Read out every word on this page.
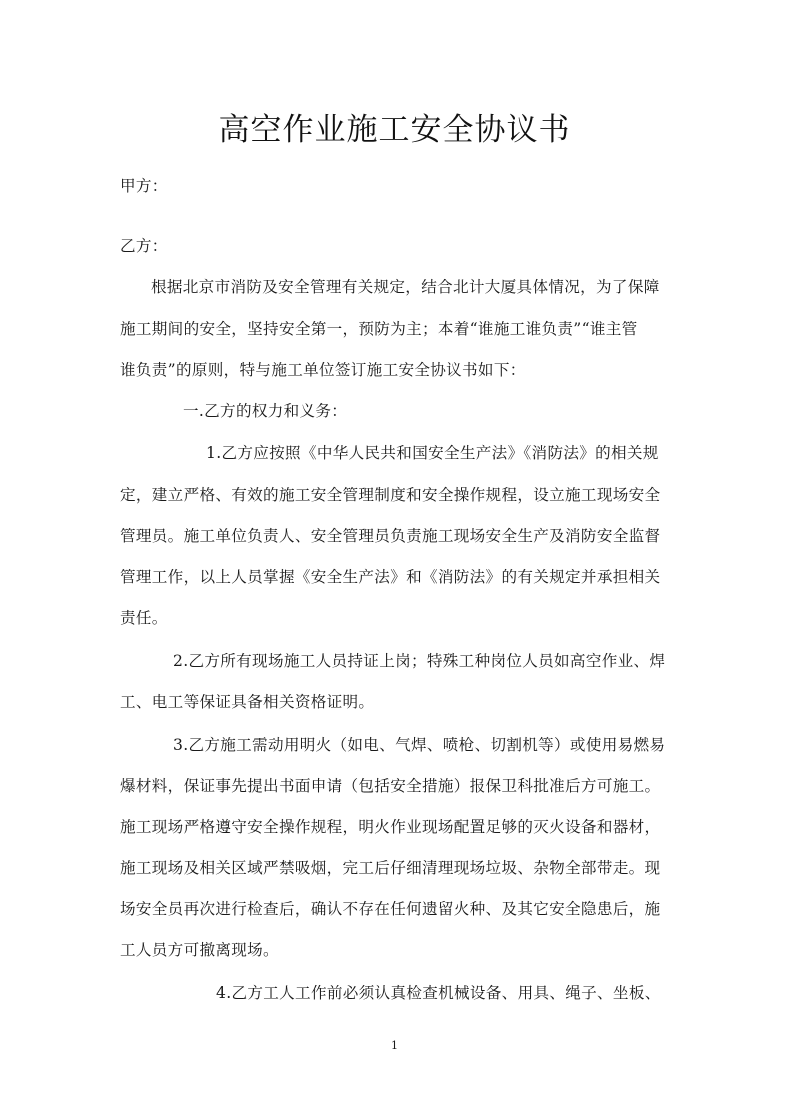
高空作业施工安全协议书
甲方：
乙方：
根据北京市消防及安全管理有关规定，结合北计大厦具体情况，为了保障
施工期间的安全，坚持安全第一，预防为主；本着“谁施工谁负责”“谁主管
谁负责”的原则，特与施工单位签订施工安全协议书如下：
一.乙方的权力和义务：
1.乙方应按照《中华人民共和国安全生产法》《消防法》的相关规
定，建立严格、有效的施工安全管理制度和安全操作规程，设立施工现场安全
管理员。施工单位负责人、安全管理员负责施工现场安全生产及消防安全监督
管理工作，以上人员掌握《安全生产法》和《消防法》的有关规定并承担相关
责任。
2.乙方所有现场施工人员持证上岗；特殊工种岗位人员如高空作业、焊
工、电工等保证具备相关资格证明。
3.乙方施工需动用明火（如电、气焊、喷枪、切割机等）或使用易燃易
爆材料，保证事先提出书面申请（包括安全措施）报保卫科批准后方可施工。
施工现场严格遵守安全操作规程，明火作业现场配置足够的灭火设备和器材，
施工现场及相关区域严禁吸烟，完工后仔细清理现场垃圾、杂物全部带走。现
场安全员再次进行检查后，确认不存在任何遗留火种、及其它安全隐患后，施
工人员方可撤离现场。
4.乙方工人工作前必须认真检查机械设备、用具、绳子、坐板、
1
